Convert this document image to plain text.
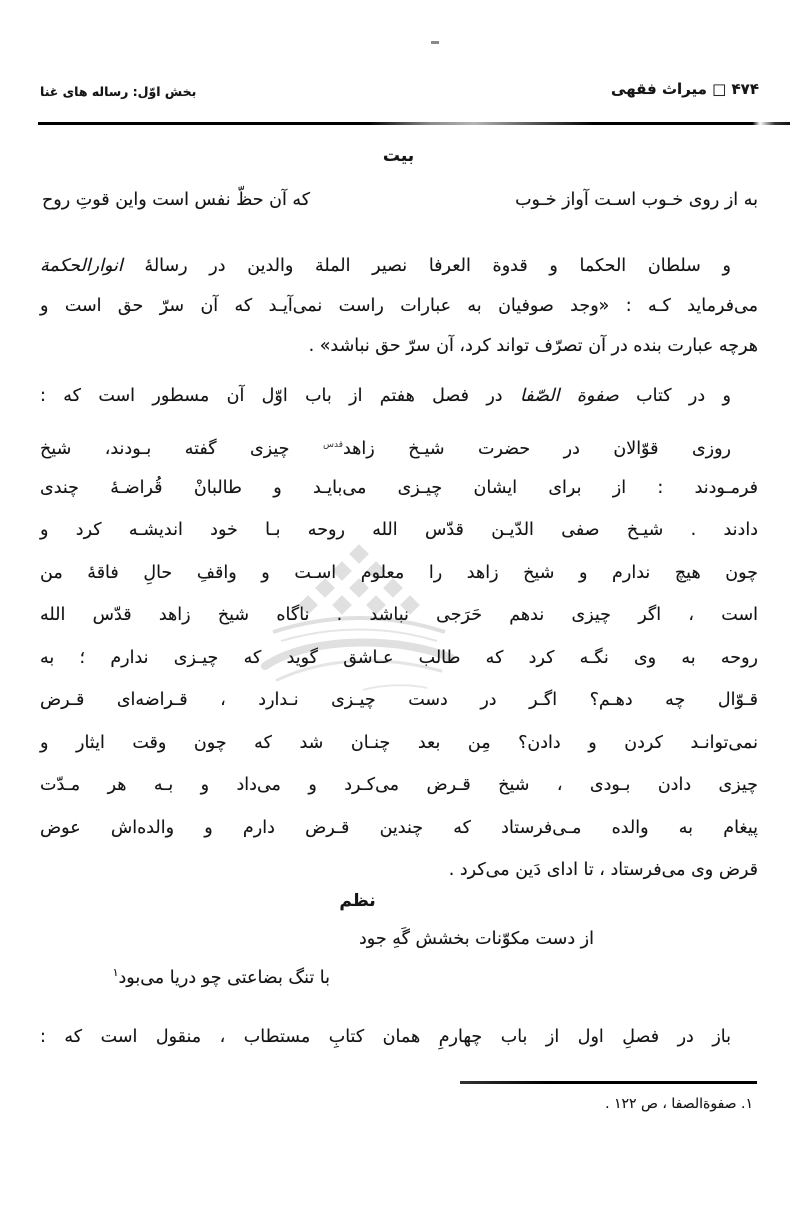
بخش اوّل: رساله های غنا	۴۷۴ □ میراث فقهی
بیت
به از روی خـوب اسـت آواز خـوب
که آن حظّ نفس است واین قوتِ روح
و سلطان الحکما و قدوة العرفا نصیر الملة والدین در رسالهٔ انوارالحکمة
می‌فرماید کـه : «وجد صوفیان به عبارات راست نمی‌آیـد که آن سرّ حق است و
هرچه عبارت بنده در آن تصرّف تواند کرد، آن سرّ حق نباشد» .
و در کتاب صفوة الصّفا در فصل هفتم از باب اوّل آن مسطور است که :
روزی قوّالان در حضرت شیـخ زاهد$^{قدس}$ چیزی گفته بـودند، شیخ
فرمـودند : از برای ایشان چیـزی می‌بایـد و طالبانْ قُراضـهٔ چندی
دادند . شیـخ صفی الدّیـن قدّس الله روحه بـا خود اندیشـه کرد و
چون هیچ ندارم و شیخ زاهد را معلوم اسـت و واقفِ حالِ فاقهٔ من
است ، اگر چیزی ندهم حَرَجی نباشد . ناگاه شیخ زاهد قدّس الله
روحه به وی نگـه کرد که طالب عـاشق گوید که چیـزی ندارم ؛ به
قـوّال چه دهـم؟ اگـر در دست چیـزی نـدارد ، قـراضه‌ای قـرض
نمی‌توانـد کردن و دادن؟ مِن بعد چنـان شد که چون وقت ایثار و
چیزی دادن بـودی ، شیخ قـرض می‌کـرد و می‌داد و بـه هر مـدّت
پیغام به والده مـی‌فرستاد که چندین قـرض دارم و والده‌اش عوض
قرض وی می‌فرستاد ، تا ادای دَین می‌کرد .
نظم
از دست مکوّنات بخشش گَهِ جود
با تنگ بضاعتی چو دریا می‌بود$^۱$
باز در فصلِ اول از باب چهارمِ همان کتابِ مستطاب ، منقول است که :
۱. صفوةالصفا ، ص ۱۲۲ .
